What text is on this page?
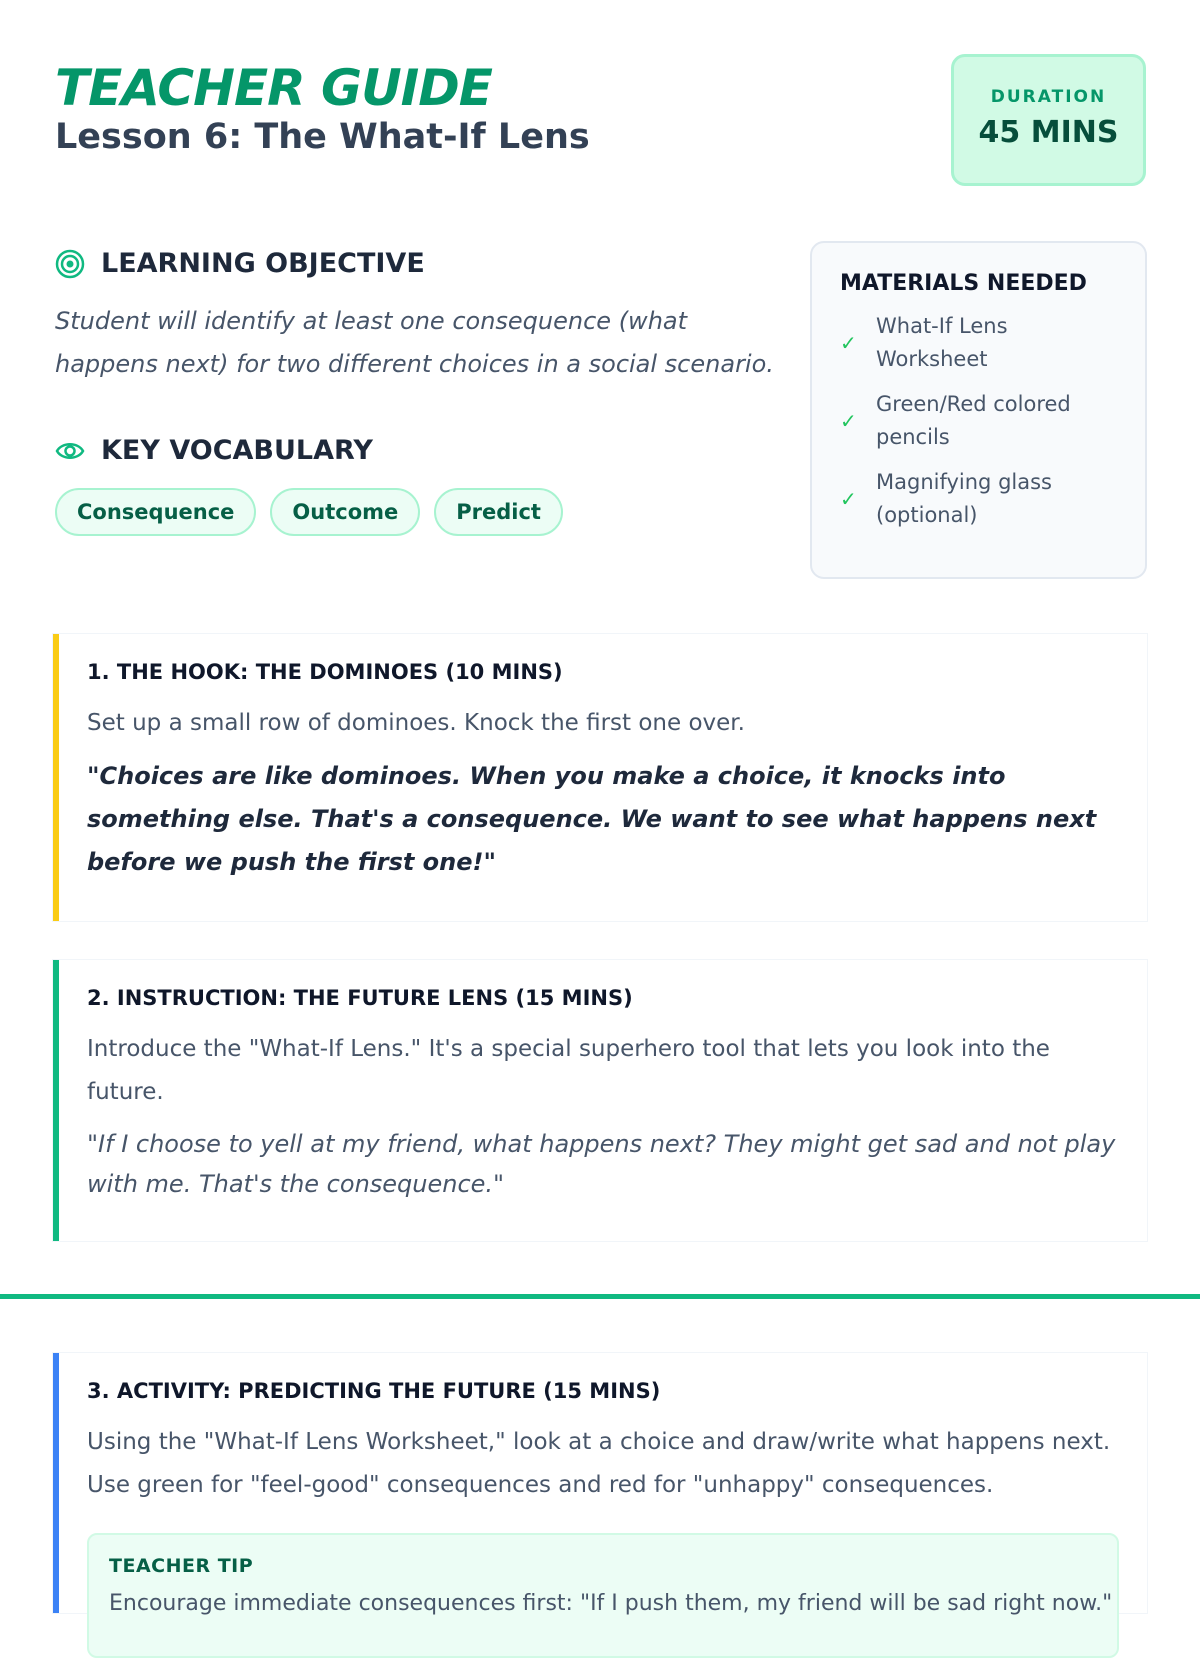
TEACHER GUIDE
Lesson 6: The What-If Lens
DURATION
45 MINS
LEARNING OBJECTIVE
Student will identify at least one consequence (what happens next) for two different choices in a social scenario.
KEY VOCABULARY
Consequence	Outcome	Predict
MATERIALS NEEDED
✓
What-If Lens Worksheet
✓
Green/Red colored pencils
✓
Magnifying glass (optional)
1. THE HOOK: THE DOMINOES (10 MINS)
Set up a small row of dominoes. Knock the first one over.
"Choices are like dominoes. When you make a choice, it knocks into something else. That's a consequence. We want to see what happens next before we push the first one!"
2. INSTRUCTION: THE FUTURE LENS (15 MINS)
Introduce the "What-If Lens." It's a special superhero tool that lets you look into the future.
"If I choose to yell at my friend, what happens next? They might get sad and not play with me. That's the consequence."
3. ACTIVITY: PREDICTING THE FUTURE (15 MINS)
Using the "What-If Lens Worksheet," look at a choice and draw/write what happens next. Use green for "feel-good" consequences and red for "unhappy" consequences.
TEACHER TIP
Encourage immediate consequences first: "If I push them, my friend will be sad right now."
